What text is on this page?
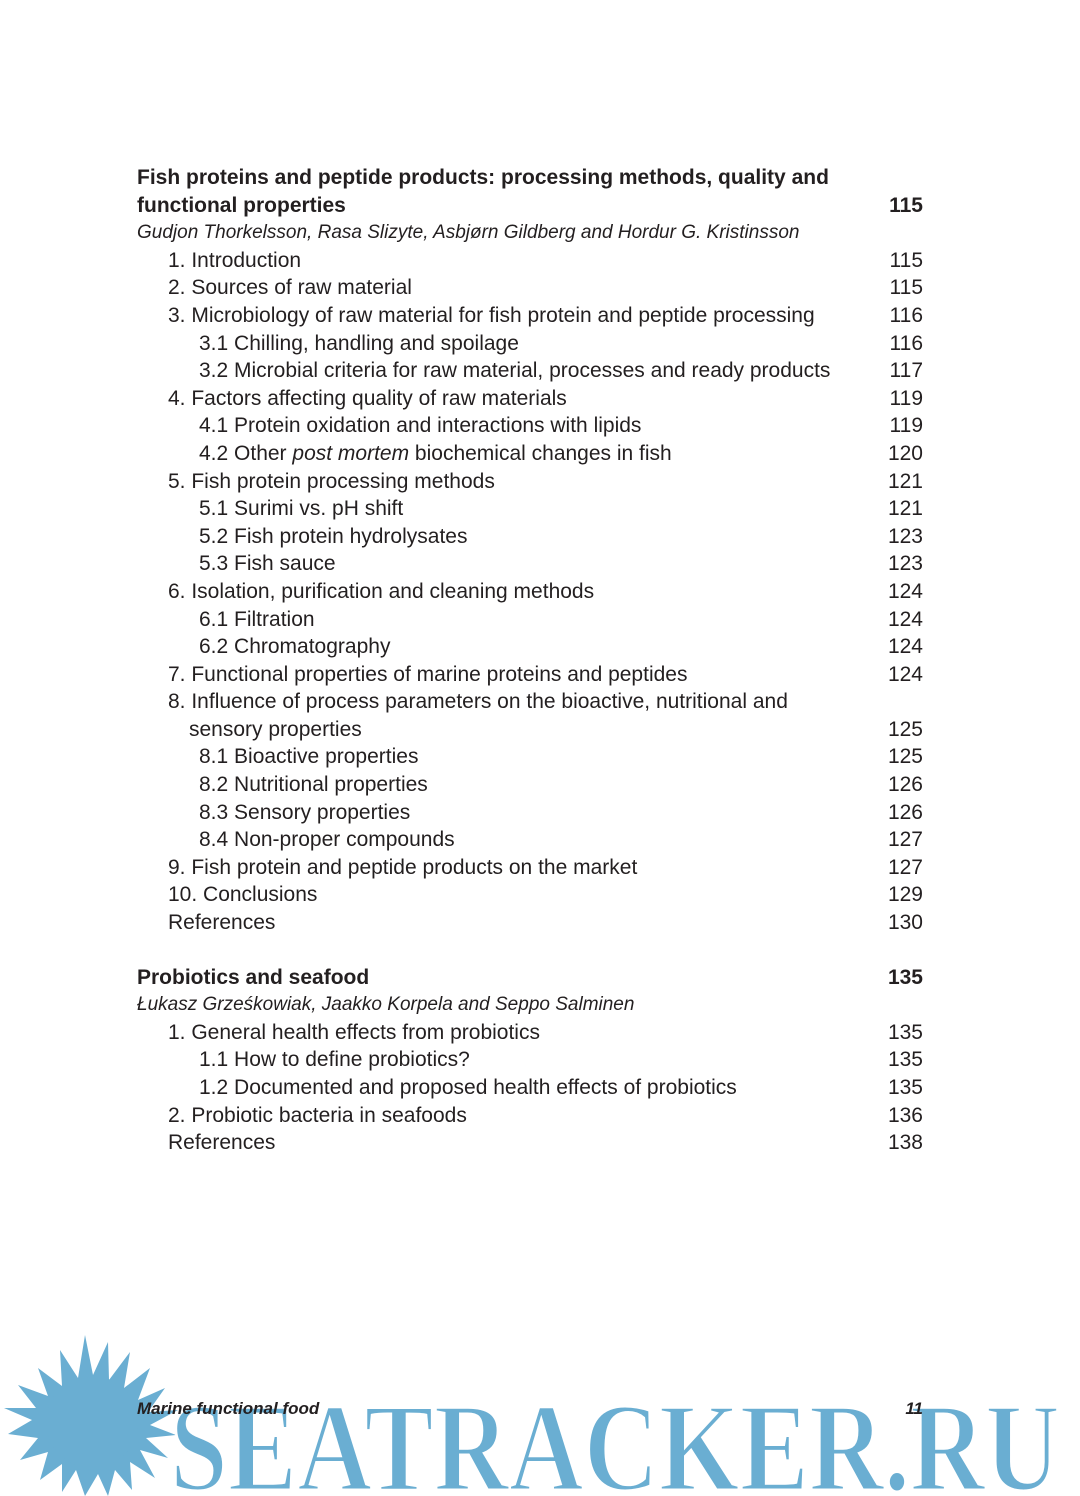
Fish proteins and peptide products: processing methods, quality and
functional properties	115
Gudjon Thorkelsson, Rasa Slizyte, Asbjørn Gildberg and Hordur G. Kristinsson
1. Introduction	115
2. Sources of raw material	115
3. Microbiology of raw material for fish protein and peptide processing	116
3.1 Chilling, handling and spoilage	116
3.2 Microbial criteria for raw material, processes and ready products	117
4. Factors affecting quality of raw materials	119
4.1 Protein oxidation and interactions with lipids	119
4.2 Other post mortem biochemical changes in fish	120
5. Fish protein processing methods	121
5.1 Surimi vs. pH shift	121
5.2 Fish protein hydrolysates	123
5.3 Fish sauce	123
6. Isolation, purification and cleaning methods	124
6.1 Filtration	124
6.2 Chromatography	124
7. Functional properties of marine proteins and peptides	124
8. Influence of process parameters on the bioactive, nutritional and
sensory properties	125
8.1 Bioactive properties	125
8.2 Nutritional properties	126
8.3 Sensory properties	126
8.4 Non-proper compounds	127
9. Fish protein and peptide products on the market	127
10. Conclusions	129
References	130
Probiotics and seafood	135
Łukasz Grześkowiak, Jaakko Korpela and Seppo Salminen
1. General health effects from probiotics	135
1.1 How to define probiotics?	135
1.2 Documented and proposed health effects of probiotics	135
2. Probiotic bacteria in seafoods	136
References	138
SEATRACKER.RU
Marine functional food	11
